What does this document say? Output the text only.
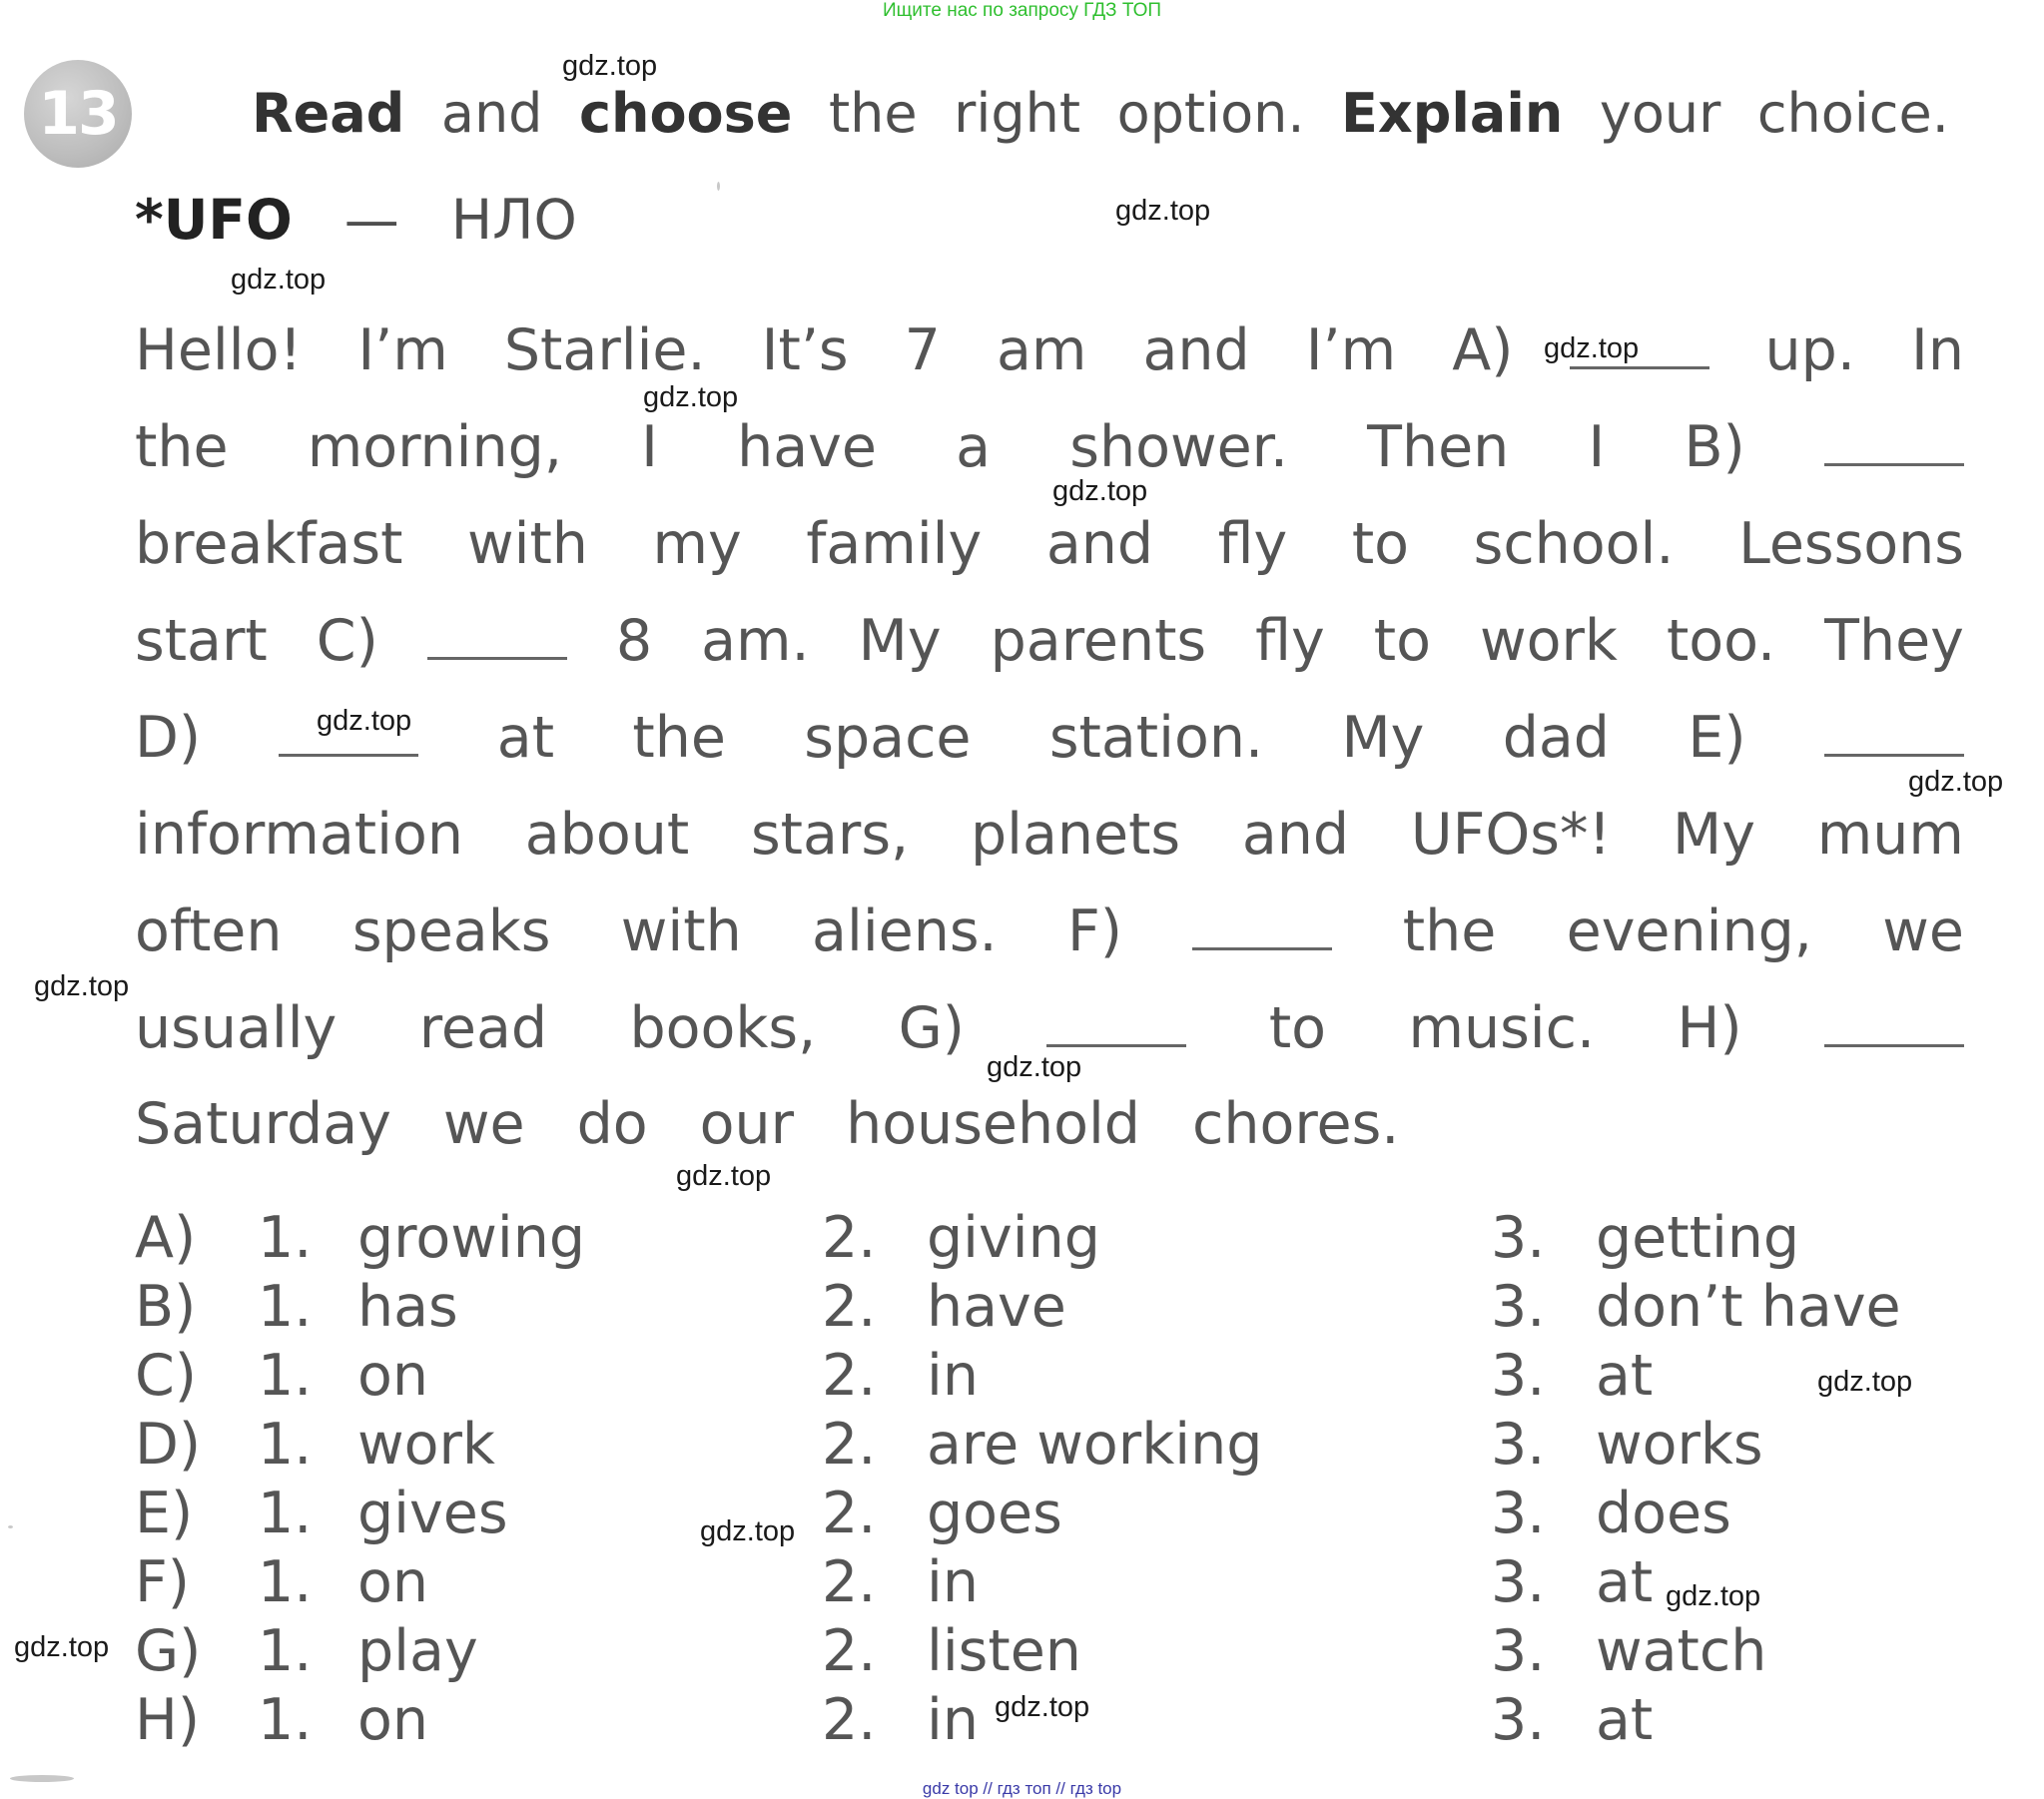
Ищите нас по запросу ГДЗ ТОП
13 Read and choose the right option. Explain your choice.
*UFO — НЛО
Hello! I’m Starlie. It’s 7 am and I’m A)	up. In
the morning, I have a shower. Then I B)
breakfast with my family and fly to school. Lessons
start C)	8 am. My parents fly to work too. They
D)	at the space station. My dad E)
information about stars, planets and UFOs*! My mum
often speaks with aliens. F)	the evening, we
usually read books, G)	to music. H)
Saturday we do our household chores.
A) 1. growing	2. giving	3. getting
B) 1. has	2. have	3. don’t have
C) 1. on	2. in	3. at
D) 1. work	2. are working	3. works
E) 1. gives	2. goes	3. does
F) 1. on	2. in	3. at
G) 1. play	2. listen	3. watch
H) 1. on	2. in	3. at
gdz.top
gdz.top
gdz.top
gdz.top
gdz.top
gdz.top
gdz.top
gdz.top
gdz.top
gdz.top
gdz.top
gdz.top
gdz.top
gdz.top
gdz.top
gdz.top
gdz top // гдз топ // гдз top
